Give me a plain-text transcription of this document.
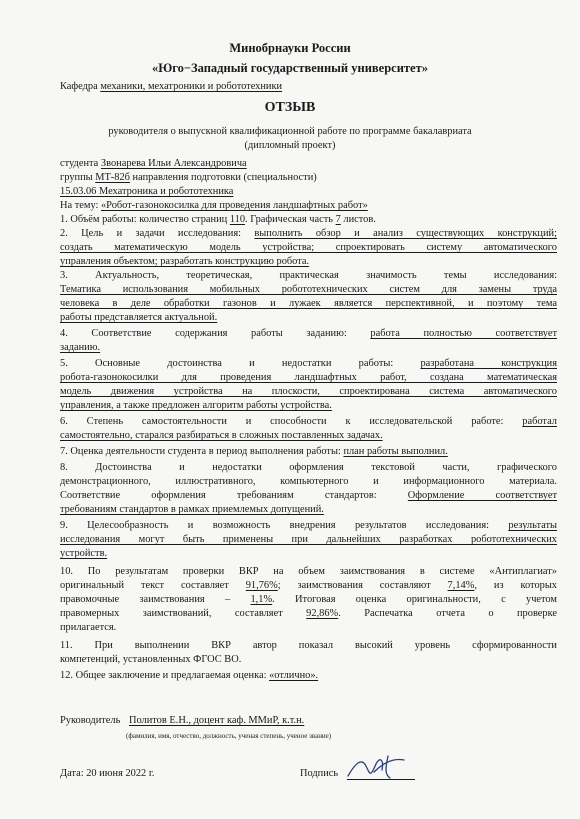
Минобрнауки России
«Юго−Западный государственный университет»
Кафедра механики, мехатроники и робототехники
ОТЗЫВ
руководителя о выпускной квалификационной работе по программе бакалавриата
(дипломный проект)
студента Звонарева Ильи Александровича
группы МТ-82б направления подготовки (специальности)
15.03.06 Мехатроника и робототехника
На тему: «Робот-газонокосилка для проведения ландшафтных работ»
1. Объём работы: количество страниц 110. Графическая часть 7 листов.
2. Цель и задачи исследования: выполнить обзор и анализ существующих конструкций;
создать математическую модель устройства; спроектировать систему автоматического
управления объектом; разработать конструкцию робота.
3. Актуальность, теоретическая, практическая значимость темы исследования:
Тематика использования мобильных робототехнических систем для замены труда
человека в деле обработки газонов и лужаек является перспективной, и поэтому тема
работы представляется актуальной.
4. Соответствие содержания работы заданию: работа полностью соответствует
заданию.
5. Основные достоинства и недостатки работы: разработана конструкция
робота-газонокосилки для проведения ландшафтных работ, создана математическая
модель движения устройства на плоскости, спроектирована система автоматического
управления, а также предложен алгоритм работы устройства.
6. Степень самостоятельности и способности к исследовательской работе: работал
самостоятельно, старался разбираться в сложных поставленных задачах.
7. Оценка деятельности студента в период выполнения работы: план работы выполнил.
8. Достоинства и недостатки оформления текстовой части, графического
демонстрационного, иллюстративного, компьютерного и информационного материала.
Соответствие оформления требованиям стандартов: Оформление соответствует
требованиям стандартов в рамках приемлемых допущений.
9. Целесообразность и возможность внедрения результатов исследования: результаты
исследования могут быть применены при дальнейших разработках робототехнических
устройств.
10. По результатам проверки ВКР на объем заимствования в системе «Антиплагиат»
оригинальный текст составляет 91,76%; заимствования составляют 7,14%, из которых
правомочные заимствования – 1,1%. Итоговая оценка оригинальности, с учетом
правомерных заимствований, составляет 92,86%. Распечатка отчета о проверке
прилагается.
11. При выполнении ВКР автор показал высокий уровень сформированности
компетенций, установленных ФГОС ВО.
12. Общее заключение и предлагаемая оценка: «отлично».
Руководитель Политов Е.Н., доцент каф. ММиР, к.т.н.
(фамилия, имя, отчество, должность, ученая степень, ученое звание)
Дата: 20 июня 2022 г.	Подпись
